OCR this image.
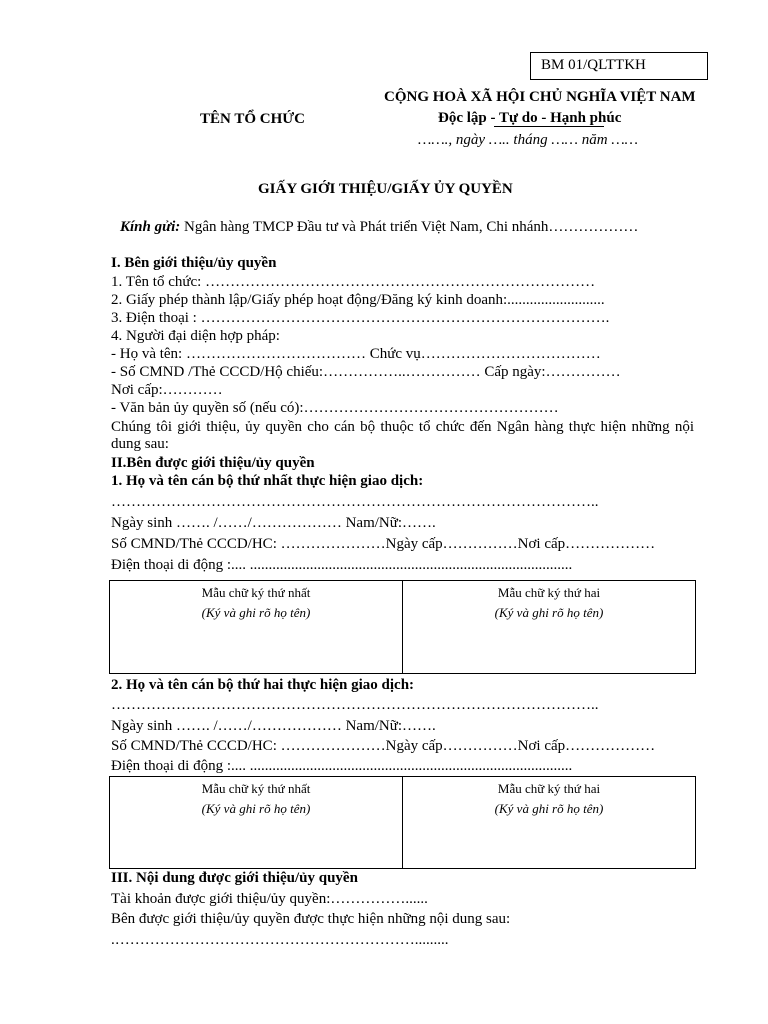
BM 01/QLTTKH
TÊN TỔ CHỨC
CỘNG HOÀ XÃ HỘI CHỦ NGHĨA VIỆT NAM
Độc lập - Tự do - Hạnh phúc
……., ngày ….. tháng …… năm ……
GIẤY GIỚI THIỆU/GIẤY ỦY QUYỀN
Kính gửi: Ngân hàng TMCP Đầu tư và Phát triển Việt Nam, Chi nhánh………………
I. Bên giới thiệu/ủy quyền
1. Tên tổ chức: ……………………………………………………………………
2. Giấy phép thành lập/Giấy phép hoạt động/Đăng ký kinh doanh:..........................
3. Điện thoại : ……………………………………………………………………….
4. Người đại diện hợp pháp:
- Họ và tên: ……………………………… Chức vụ………………………………
- Số CMND /Thẻ CCCD/Hộ chiếu:……………..…………… Cấp ngày:……………
Nơi cấp:…………
- Văn bản ủy quyền số (nếu có):……………………………………………
Chúng tôi giới thiệu, ủy quyền cho cán bộ thuộc tổ chức đến Ngân hàng thực hiện những nội dung sau:
II.Bên được giới thiệu/ủy quyền
1. Họ và tên cán bộ thứ nhất thực hiện giao dịch:
……………………………………………………………………………………..
Ngày sinh ……. /……/……………… Nam/Nữ:…….
Số CMND/Thẻ CCCD/HC: …………………Ngày cấp……………Nơi cấp………………
Điện thoại di động :.... ......................................................................................
Mẫu chữ ký thứ nhất
(Ký và ghi rõ họ tên)
Mẫu chữ ký thứ hai
(Ký và ghi rõ họ tên)
2. Họ và tên cán bộ thứ hai thực hiện giao dịch:
……………………………………………………………………………………..
Ngày sinh ……. /……/……………… Nam/Nữ:…….
Số CMND/Thẻ CCCD/HC: …………………Ngày cấp……………Nơi cấp………………
Điện thoại di động :.... ......................................................................................
Mẫu chữ ký thứ nhất
(Ký và ghi rõ họ tên)
Mẫu chữ ký thứ hai
(Ký và ghi rõ họ tên)
III. Nội dung được giới thiệu/ủy quyền
Tài khoản được giới thiệu/ủy quyền:……………......
Bên được giới thiệu/ủy quyền được thực hiện những nội dung sau:
.…………………………………………………….........
